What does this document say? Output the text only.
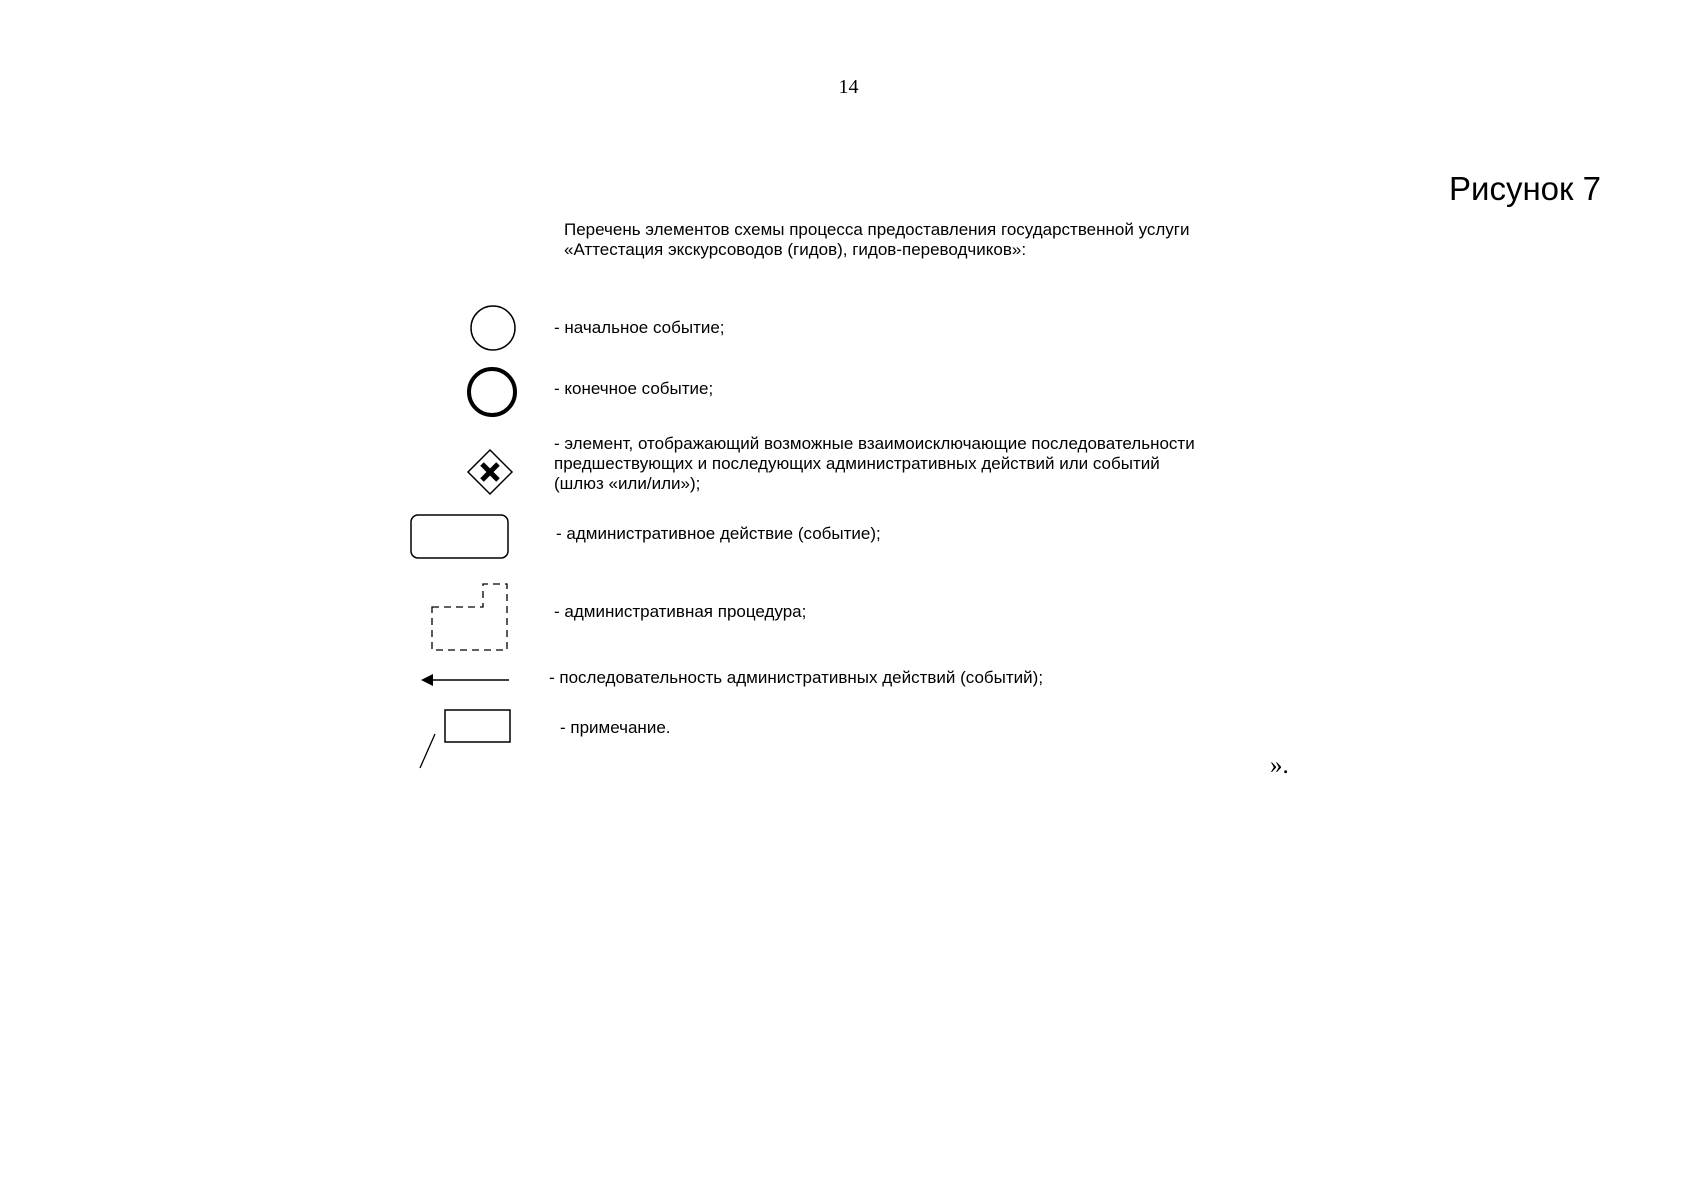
14
Рисунок 7
Перечень элементов схемы процесса предоставления государственной услуги
«Аттестация экскурсоводов (гидов), гидов-переводчиков»:
- начальное событие;
- конечное событие;
- элемент, отображающий возможные взаимоисключающие последовательности
предшествующих и последующих административных действий или событий
(шлюз «или/или»);
- административное действие (событие);
- административная процедура;
- последовательность административных действий (событий);
- примечание.
».
